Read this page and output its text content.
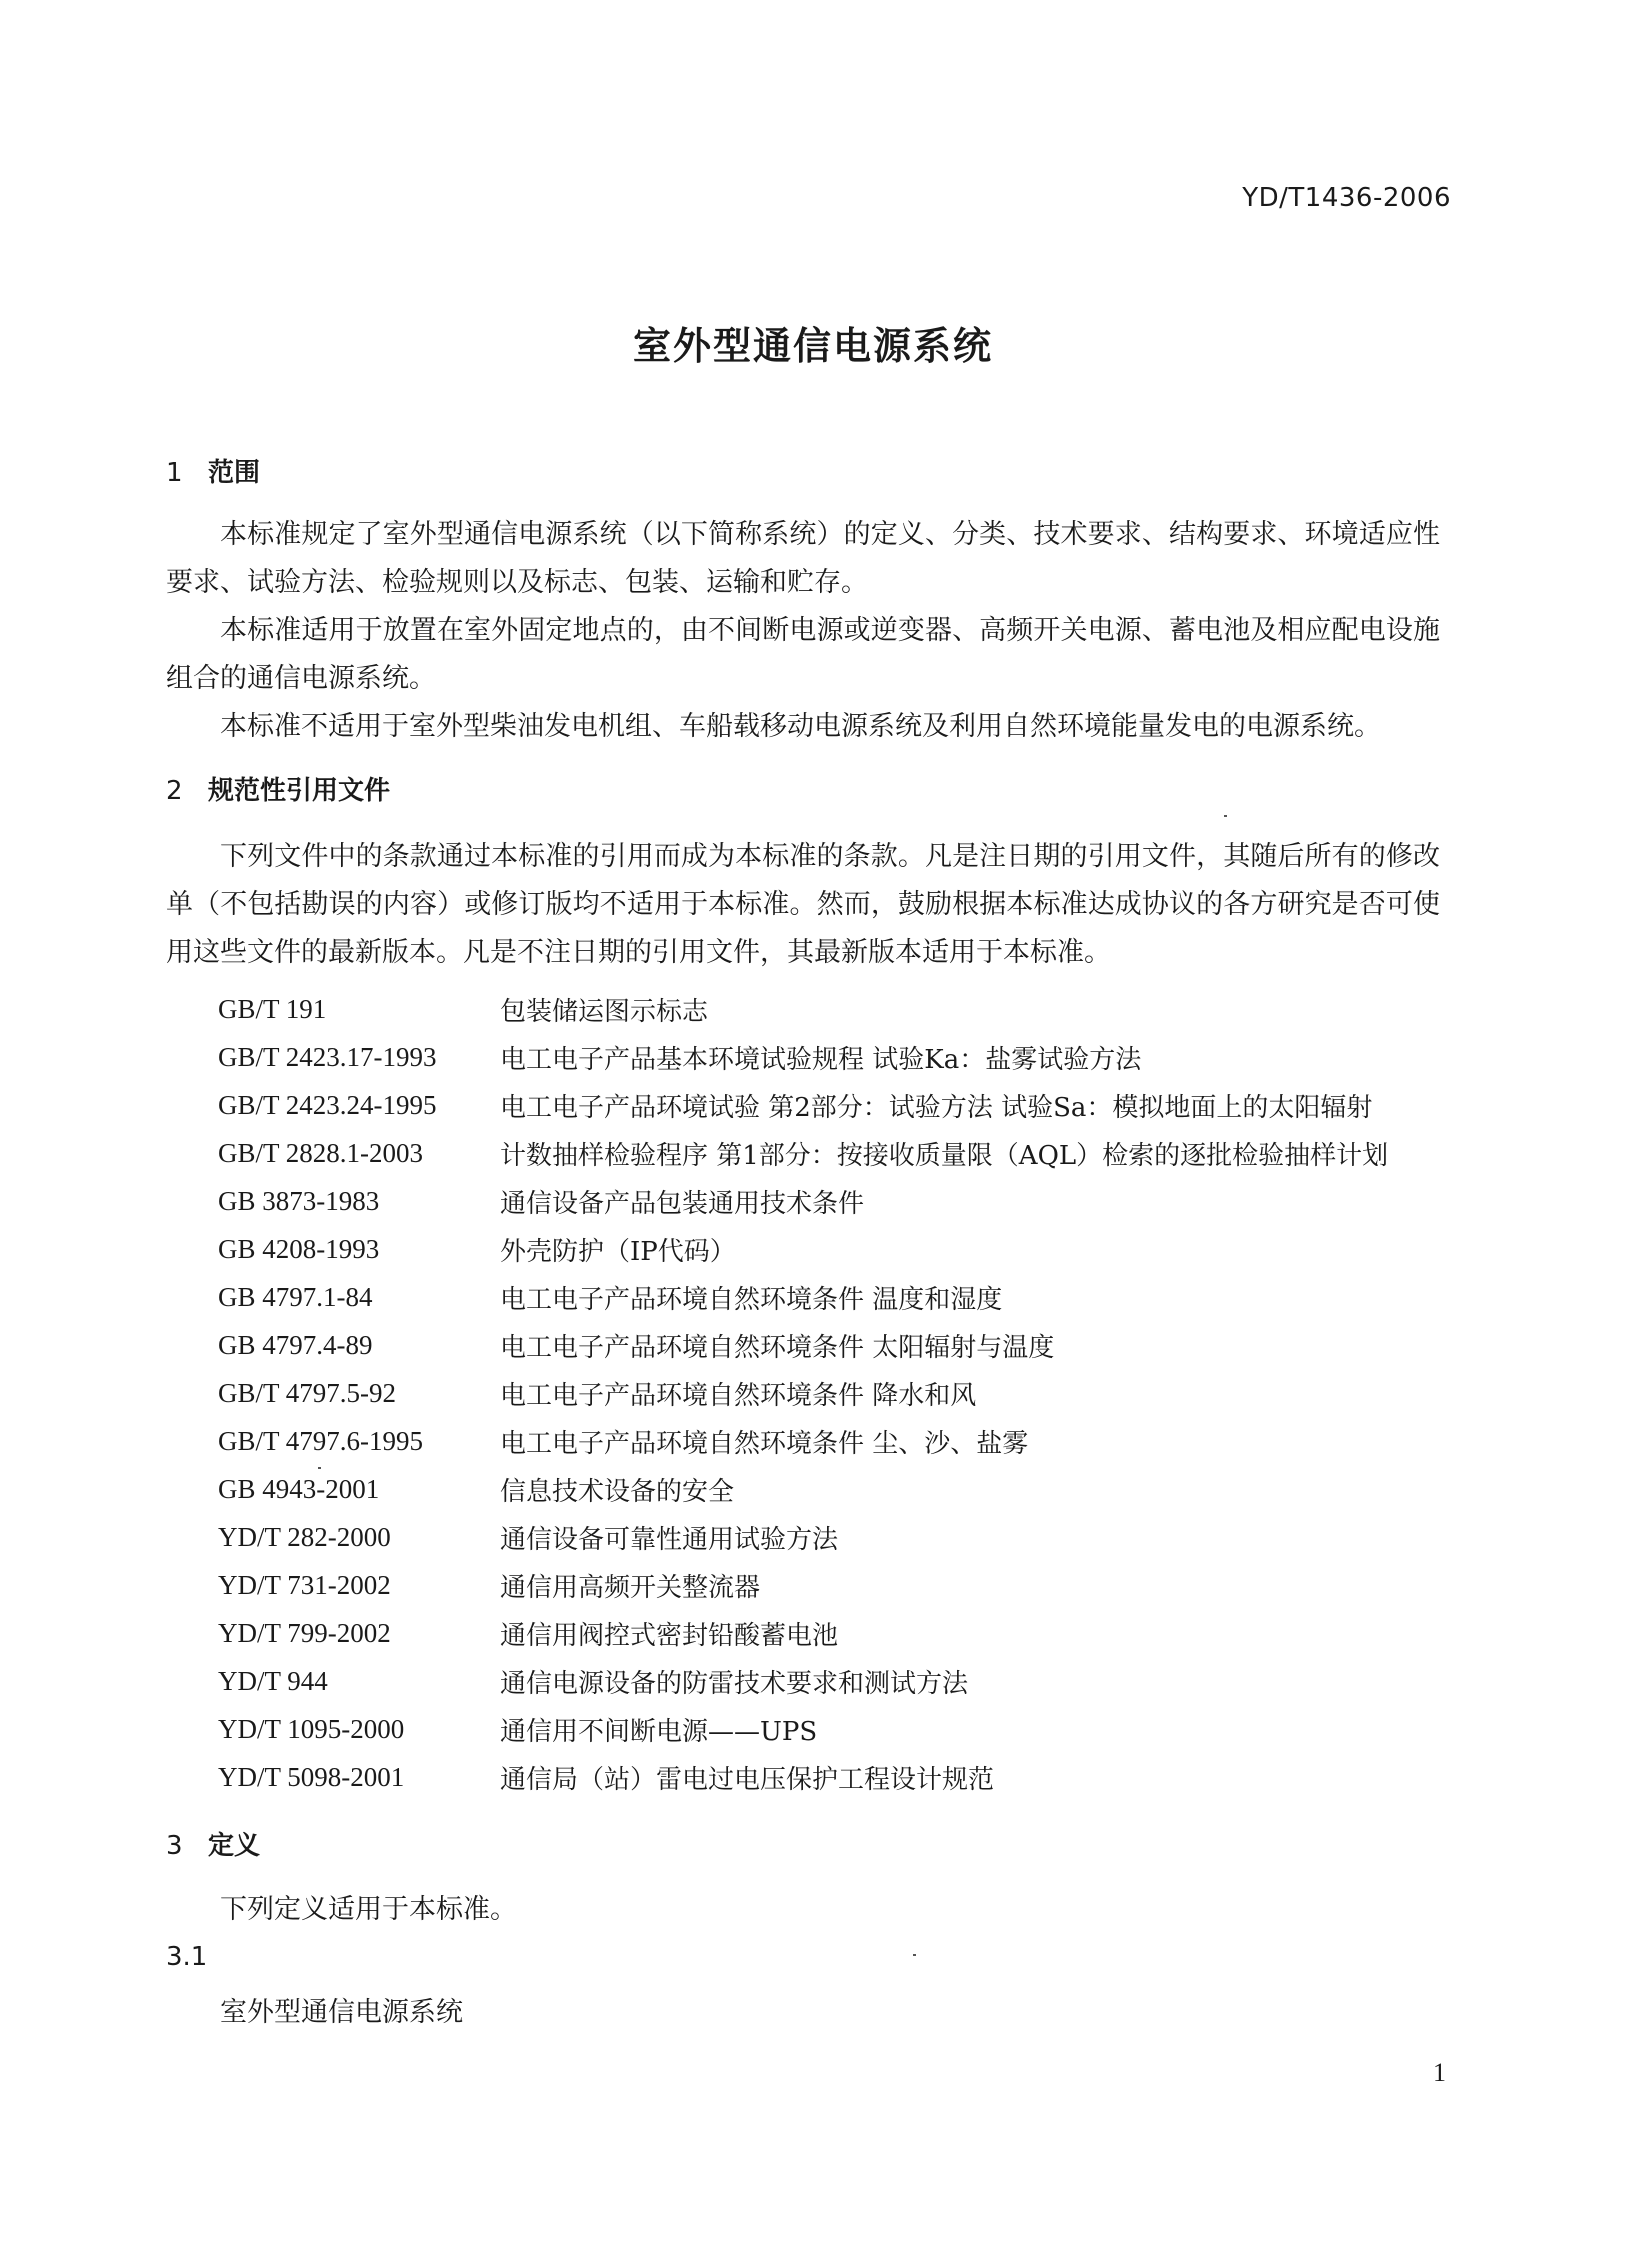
YD/T1436-2006
室外型通信电源系统
1 范围
本标准规定了室外型通信电源系统（以下简称系统）的定义、分类、技术要求、结构要求、环境适应性要求、试验方法、检验规则以及标志、包装、运输和贮存。
本标准适用于放置在室外固定地点的，由不间断电源或逆变器、高频开关电源、蓄电池及相应配电设施组合的通信电源系统。
本标准不适用于室外型柴油发电机组、车船载移动电源系统及利用自然环境能量发电的电源系统。
2 规范性引用文件
下列文件中的条款通过本标准的引用而成为本标准的条款。凡是注日期的引用文件，其随后所有的修改单（不包括勘误的内容）或修订版均不适用于本标准。然而，鼓励根据本标准达成协议的各方研究是否可使用这些文件的最新版本。凡是不注日期的引用文件，其最新版本适用于本标准。
GB/T 191	包装储运图示标志
GB/T 2423.17-1993	电工电子产品基本环境试验规程 试验Ka：盐雾试验方法
GB/T 2423.24-1995	电工电子产品环境试验 第2部分：试验方法 试验Sa：模拟地面上的太阳辐射
GB/T 2828.1-2003	计数抽样检验程序 第1部分：按接收质量限（AQL）检索的逐批检验抽样计划
GB 3873-1983	通信设备产品包装通用技术条件
GB 4208-1993	外壳防护（IP代码）
GB 4797.1-84	电工电子产品环境自然环境条件 温度和湿度
GB 4797.4-89	电工电子产品环境自然环境条件 太阳辐射与温度
GB/T 4797.5-92	电工电子产品环境自然环境条件 降水和风
GB/T 4797.6-1995	电工电子产品环境自然环境条件 尘、沙、盐雾
GB 4943-2001	信息技术设备的安全
YD/T 282-2000	通信设备可靠性通用试验方法
YD/T 731-2002	通信用高频开关整流器
YD/T 799-2002	通信用阀控式密封铅酸蓄电池
YD/T 944	通信电源设备的防雷技术要求和测试方法
YD/T 1095-2000	通信用不间断电源——UPS
YD/T 5098-2001	通信局（站）雷电过电压保护工程设计规范
3 定义
下列定义适用于本标准。
3.1
室外型通信电源系统
1
